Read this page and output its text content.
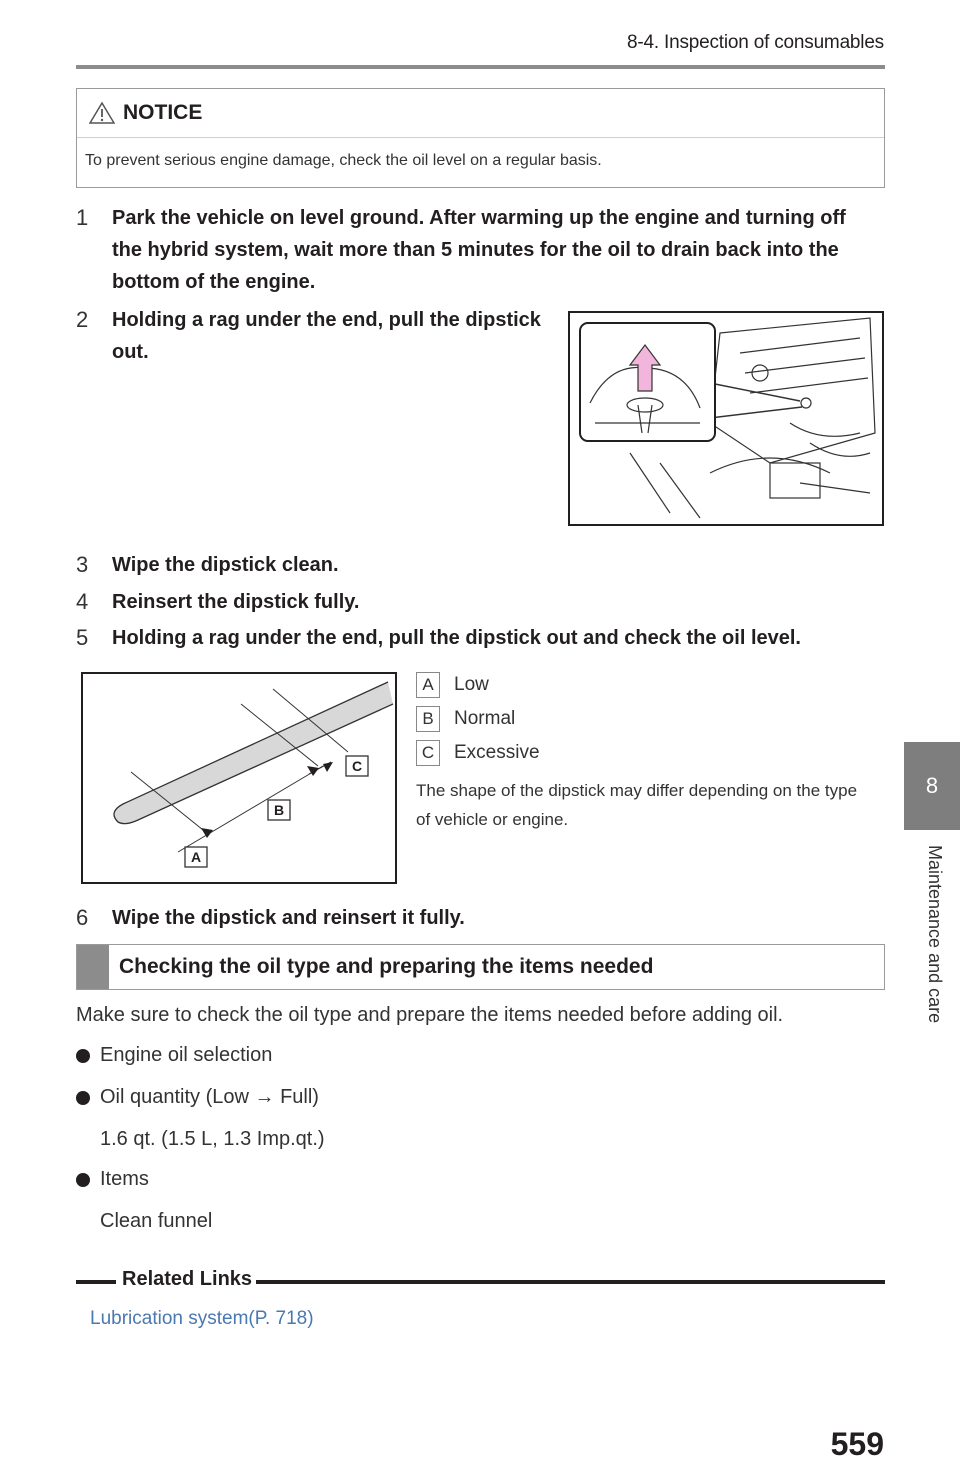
8-4. Inspection of consumables
NOTICE
To prevent serious engine damage, check the oil level on a regular basis.
1 Park the vehicle on level ground. After warming up the engine and turning off the hybrid system, wait more than 5 minutes for the oil to drain back into the bottom of the engine.
2 Holding a rag under the end, pull the dipstick out.
3 Wipe the dipstick clean.
4 Reinsert the dipstick fully.
5 Holding a rag under the end, pull the dipstick out and check the oil level.
A
B
C
A	Low
B	Normal
C	Excessive
The shape of the dipstick may differ depending on the type of vehicle or engine.
6 Wipe the dipstick and reinsert it fully.
Checking the oil type and preparing the items needed
Make sure to check the oil type and prepare the items needed before adding oil.
Engine oil selection
Oil quantity (Low → Full)
1.6 qt. (1.5 L, 1.3 Imp.qt.)
Items
Clean funnel
8
Maintenance and care
Related Links
Lubrication system(P. 718)
559
